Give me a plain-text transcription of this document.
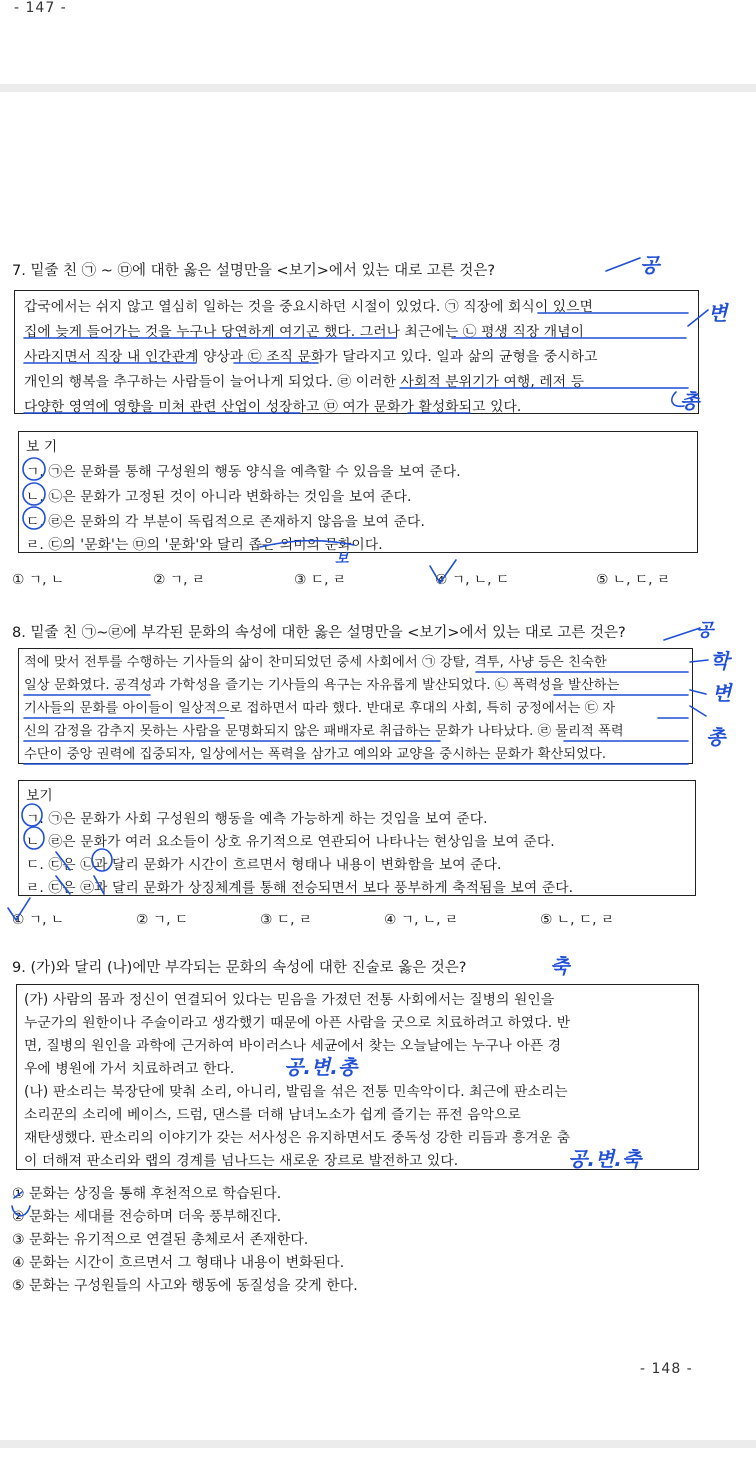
- 147 -
7. 밑줄 친 ㉠ ~ ㉤에 대한 옳은 설명만을 <보기>에서 있는 대로 고른 것은?
갑국에서는 쉬지 않고 열심히 일하는 것을 중요시하던 시절이 있었다. ㉠ 직장에 회식이 있으면
집에 늦게 들어가는 것을 누구나 당연하게 여기곤 했다. 그러나 최근에는 ㉡ 평생 직장 개념이
사라지면서 직장 내 인간관계 양상과 ㉢ 조직 문화가 달라지고 있다. 일과 삶의 균형을 중시하고
개인의 행복을 추구하는 사람들이 늘어나게 되었다. ㉣ 이러한 사회적 분위기가 여행, 레저 등
다양한 영역에 영향을 미쳐 관련 산업이 성장하고 ㉤ 여가 문화가 활성화되고 있다.
보 기
ㄱ. ㉠은 문화를 통해 구성원의 행동 양식을 예측할 수 있음을 보여 준다.
ㄴ. ㉡은 문화가 고정된 것이 아니라 변화하는 것임을 보여 준다.
ㄷ. ㉣은 문화의 각 부분이 독립적으로 존재하지 않음을 보여 준다.
ㄹ. ㉢의 '문화'는 ㉤의 '문화'와 달리 좁은 의미의 문화이다.
① ㄱ, ㄴ	② ㄱ, ㄹ	③ ㄷ, ㄹ	④ ㄱ, ㄴ, ㄷ	⑤ ㄴ, ㄷ, ㄹ
8. 밑줄 친 ㉠~㉣에 부각된 문화의 속성에 대한 옳은 설명만을 <보기>에서 있는 대로 고른 것은?
적에 맞서 전투를 수행하는 기사들의 삶이 찬미되었던 중세 사회에서 ㉠ 강탈, 격투, 사냥 등은 친숙한
일상 문화였다. 공격성과 가학성을 즐기는 기사들의 욕구는 자유롭게 발산되었다. ㉡ 폭력성을 발산하는
기사들의 문화를 아이들이 일상적으로 접하면서 따라 했다. 반대로 후대의 사회, 특히 궁정에서는 ㉢ 자
신의 감정을 감추지 못하는 사람을 문명화되지 않은 패배자로 취급하는 문화가 나타났다. ㉣ 물리적 폭력
수단이 중앙 권력에 집중되자, 일상에서는 폭력을 삼가고 예의와 교양을 중시하는 문화가 확산되었다.
보기
ㄱ. ㉠은 문화가 사회 구성원의 행동을 예측 가능하게 하는 것임을 보여 준다.
ㄴ. ㉣은 문화가 여러 요소들이 상호 유기적으로 연관되어 나타나는 현상임을 보여 준다.
ㄷ. ㉢은 ㉡과 달리 문화가 시간이 흐르면서 형태나 내용이 변화함을 보여 준다.
ㄹ. ㉢은 ㉣과 달리 문화가 상징체계를 통해 전승되면서 보다 풍부하게 축적됨을 보여 준다.
① ㄱ, ㄴ	② ㄱ, ㄷ	③ ㄷ, ㄹ	④ ㄱ, ㄴ, ㄹ	⑤ ㄴ, ㄷ, ㄹ
9. (가)와 달리 (나)에만 부각되는 문화의 속성에 대한 진술로 옳은 것은?
(가) 사람의 몸과 정신이 연결되어 있다는 믿음을 가졌던 전통 사회에서는 질병의 원인을
누군가의 원한이나 주술이라고 생각했기 때문에 아픈 사람을 굿으로 치료하려고 하였다. 반
면, 질병의 원인을 과학에 근거하여 바이러스나 세균에서 찾는 오늘날에는 누구나 아픈 경
우에 병원에 가서 치료하려고 한다.
(나) 판소리는 북장단에 맞춰 소리, 아니리, 발림을 섞은 전통 민속악이다. 최근에 판소리는
소리꾼의 소리에 베이스, 드럼, 댄스를 더해 남녀노소가 쉽게 즐기는 퓨전 음악으로
재탄생했다. 판소리의 이야기가 갖는 서사성은 유지하면서도 중독성 강한 리듬과 흥겨운 춤
이 더해져 판소리와 랩의 경계를 넘나드는 새로운 장르로 발전하고 있다.
① 문화는 상징을 통해 후천적으로 학습된다.
② 문화는 세대를 전승하며 더욱 풍부해진다.
③ 문화는 유기적으로 연결된 총체로서 존재한다.
④ 문화는 시간이 흐르면서 그 형태나 내용이 변화된다.
⑤ 문화는 구성원들의 사고와 행동에 동질성을 갖게 한다.
- 148 -
공
변
총
보
공
학
변
총
축
공.변.총
공.변.축
